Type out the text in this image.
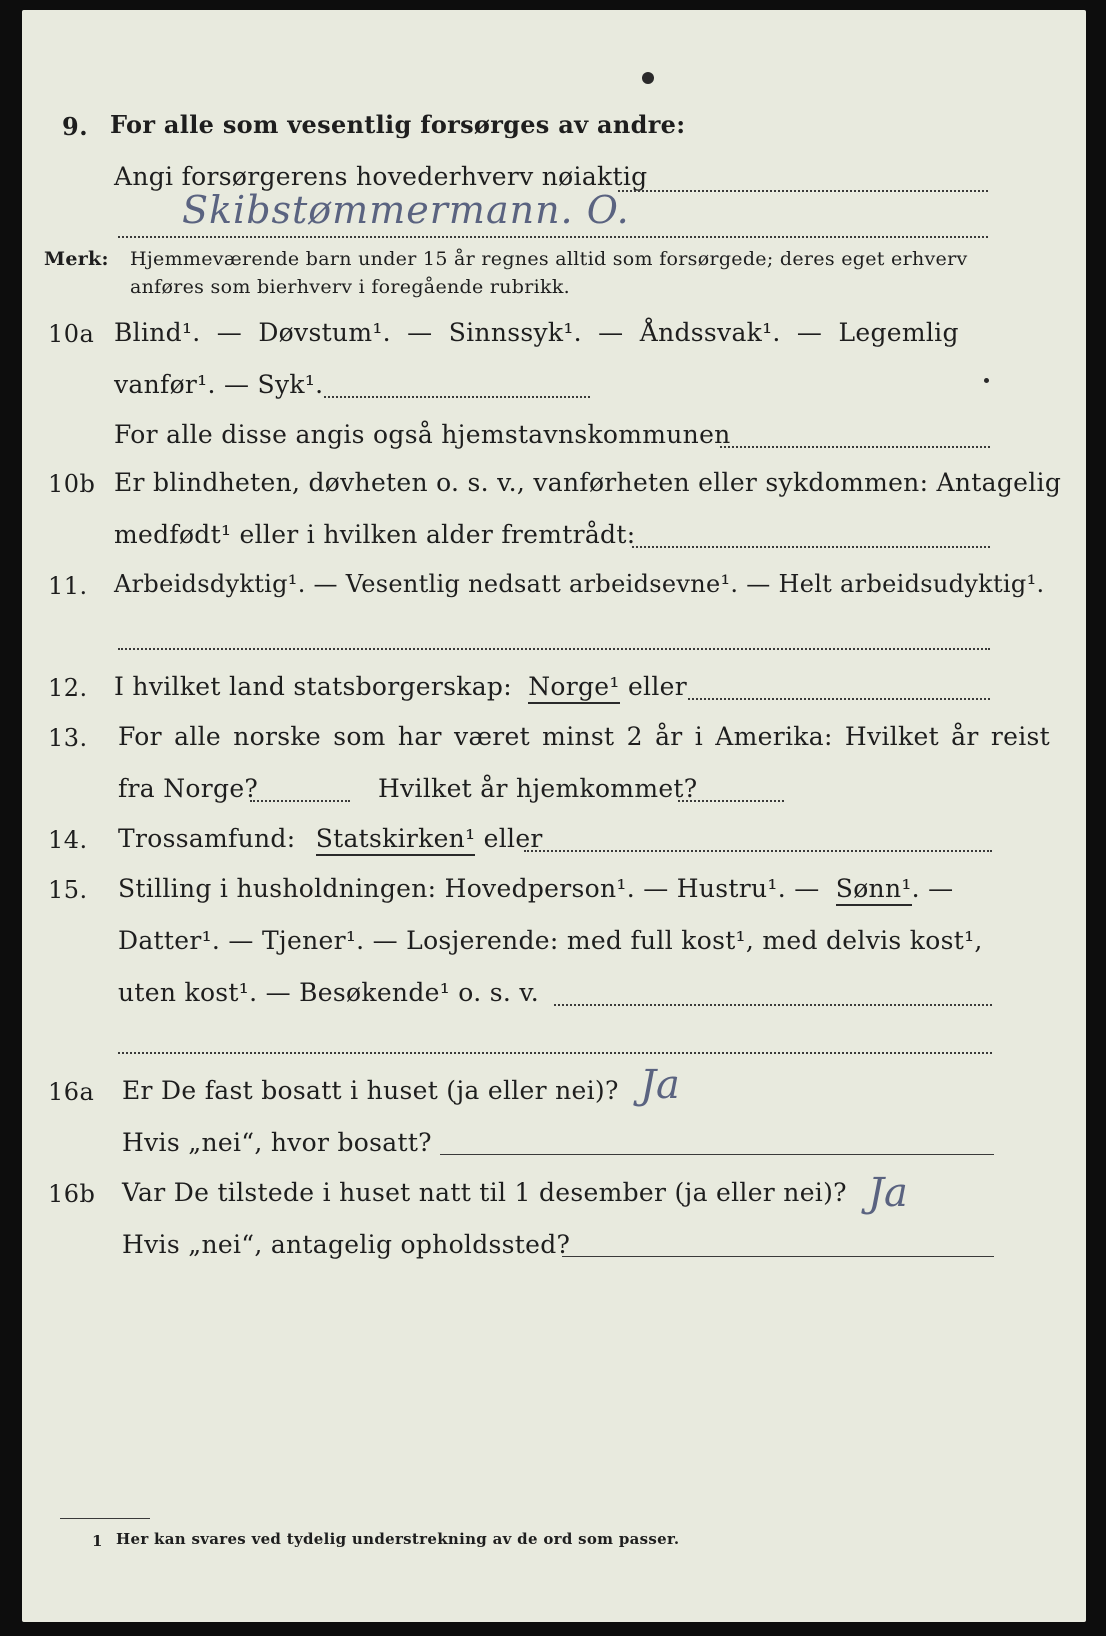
9. For alle som vesentlig forsørges av andre:
Angi forsørgerens hovederhverv nøiaktig
Skibstømmermann. O.
Merk: Hjemmeværende barn under 15 år regnes alltid som forsørgede; deres eget erhverv
anføres som bierhverv i foregående rubrikk.
10a Blind¹. — Døvstum¹. — Sinnssyk¹. — Åndssvak¹. — Legemlig
vanfør¹. — Syk¹.
For alle disse angis også hjemstavnskommunen
10b Er blindheten, døvheten o. s. v., vanførheten eller sykdommen: Antagelig
medfødt¹ eller i hvilken alder fremtrådt:
11. Arbeidsdyktig¹. — Vesentlig nedsatt arbeidsevne¹. — Helt arbeidsudyktig¹.
12. I hvilket land statsborgerskap: Norge¹ eller
13. For alle norske som har været minst 2 år i Amerika: Hvilket år reist
fra Norge?	Hvilket år hjemkommet?
14. Trossamfund: Statskirken¹ eller
15. Stilling i husholdningen: Hovedperson¹. — Hustru¹. — Sønn¹. —
Datter¹. — Tjener¹. — Losjerende: med full kost¹, med delvis kost¹,
uten kost¹. — Besøkende¹ o. s. v.
16a Er De fast bosatt i huset (ja eller nei)? Ja
Hvis „nei“, hvor bosatt?
16b Var De tilstede i huset natt til 1 desember (ja eller nei)? Ja
Hvis „nei“, antagelig opholdssted?
1 Her kan svares ved tydelig understrekning av de ord som passer.
